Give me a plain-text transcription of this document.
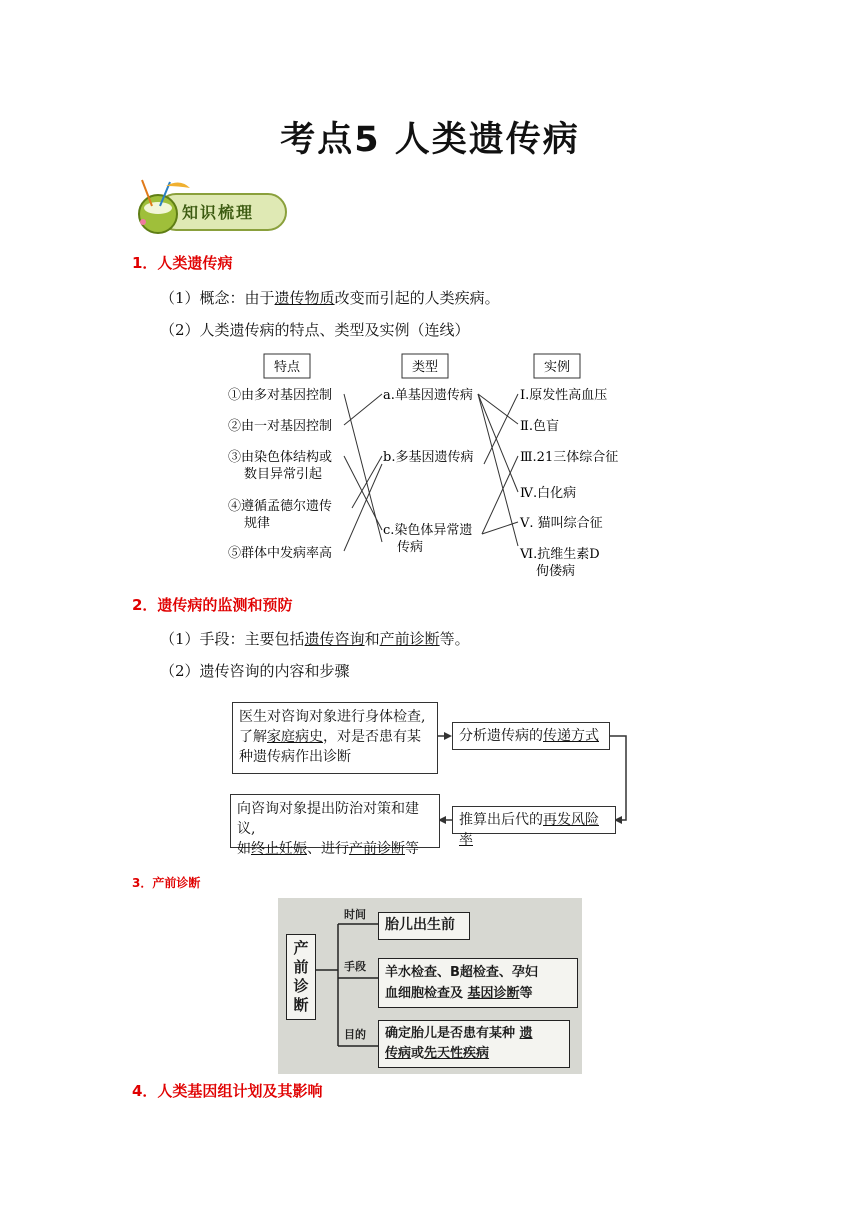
考点5 人类遗传病
知识梳理
1．人类遗传病
（1）概念：由于遗传物质改变而引起的人类疾病。
（2）人类遗传病的特点、类型及实例（连线）
特点	类型	实例
①由多对基因控制
②由一对基因控制
③由染色体结构或
数目异常引起
④遵循孟德尔遗传
规律
⑤群体中发病率高
a.单基因遗传病
b.多基因遗传病
c.染色体异常遗
传病
Ⅰ.原发性高血压
Ⅱ.色盲
Ⅲ.21三体综合征
Ⅳ.白化病
Ⅴ. 猫叫综合征
Ⅵ.抗维生素D
佝偻病
2．遗传病的监测和预防
（1）手段：主要包括遗传咨询和产前诊断等。
（2）遗传咨询的内容和步骤
医生对咨询对象进行身体检查,
了解家庭病史，对是否患有某
种遗传病作出诊断
分析遗传病的传递方式
推算出后代的再发风险率
向咨询对象提出防治对策和建议,
如终止妊娠、进行产前诊断等
3．产前诊断
产
前
诊
断
时间
手段
目的
胎儿出生前
羊水检查、B超检查、孕妇
血细胞检查及 基因诊断等
确定胎儿是否患有某种 遗
传病或先天性疾病
4．人类基因组计划及其影响
